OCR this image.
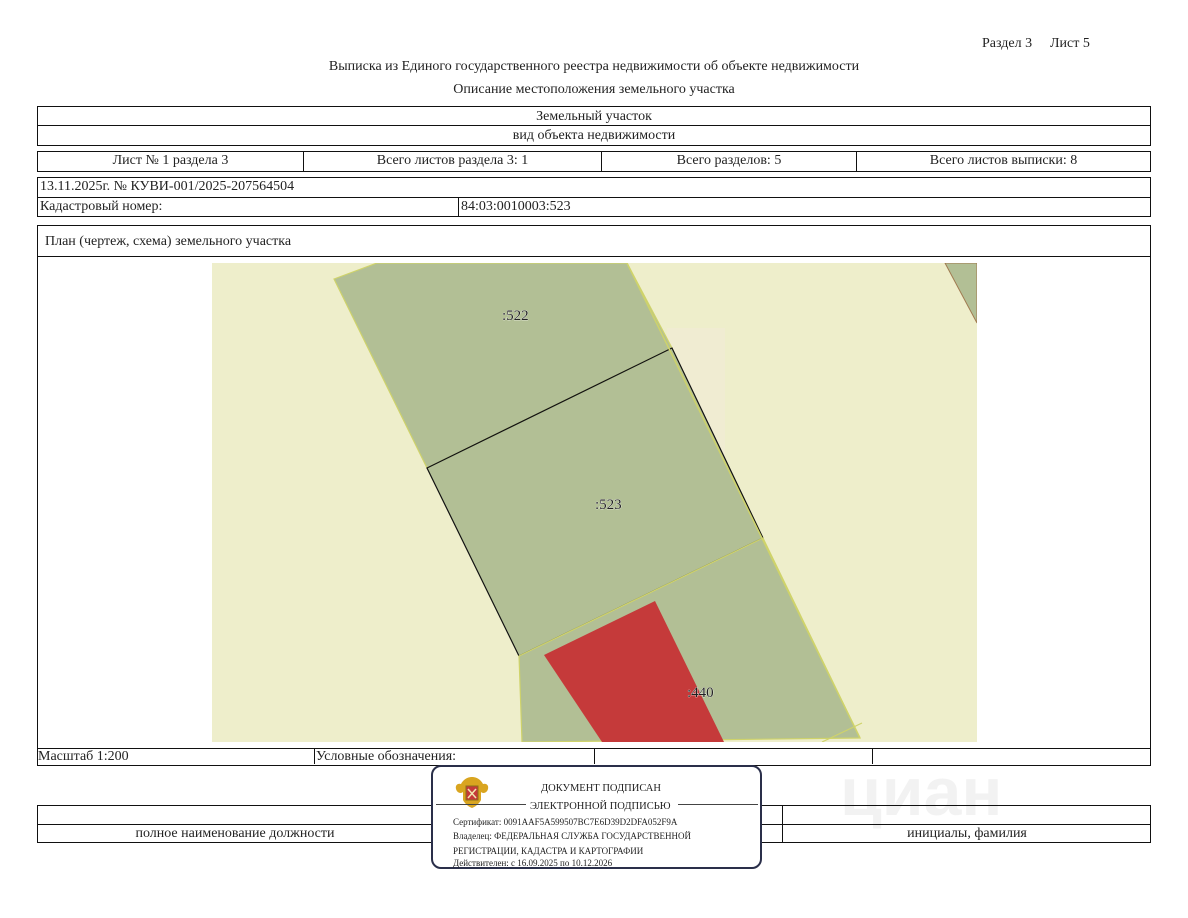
Раздел 3 Лист 5
Выписка из Единого государственного реестра недвижимости об объекте недвижимости
Описание местоположения земельного участка
Земельный участок
вид объекта недвижимости
Лист № 1 раздела 3	Всего листов раздела 3: 1	Всего разделов: 5	Всего листов выписки: 8
13.11.2025г. № КУВИ-001/2025-207564504
Кадастровый номер:	84:03:0010003:523
План (чертеж, схема) земельного участка
:522
:523
:440
Масштаб 1:200	Условные обозначения:
полное наименование должности	инициалы, фамилия
циан
ДОКУМЕНТ ПОДПИСАН
ЭЛЕКТРОННОЙ ПОДПИСЬЮ
Сертификат: 0091AAF5A599507BC7E6D39D2DFA052F9A
Владелец: ФЕДЕРАЛЬНАЯ СЛУЖБА ГОСУДАРСТВЕННОЙ
РЕГИСТРАЦИИ, КАДАСТРА И КАРТОГРАФИИ
Действителен: с 16.09.2025 по 10.12.2026
